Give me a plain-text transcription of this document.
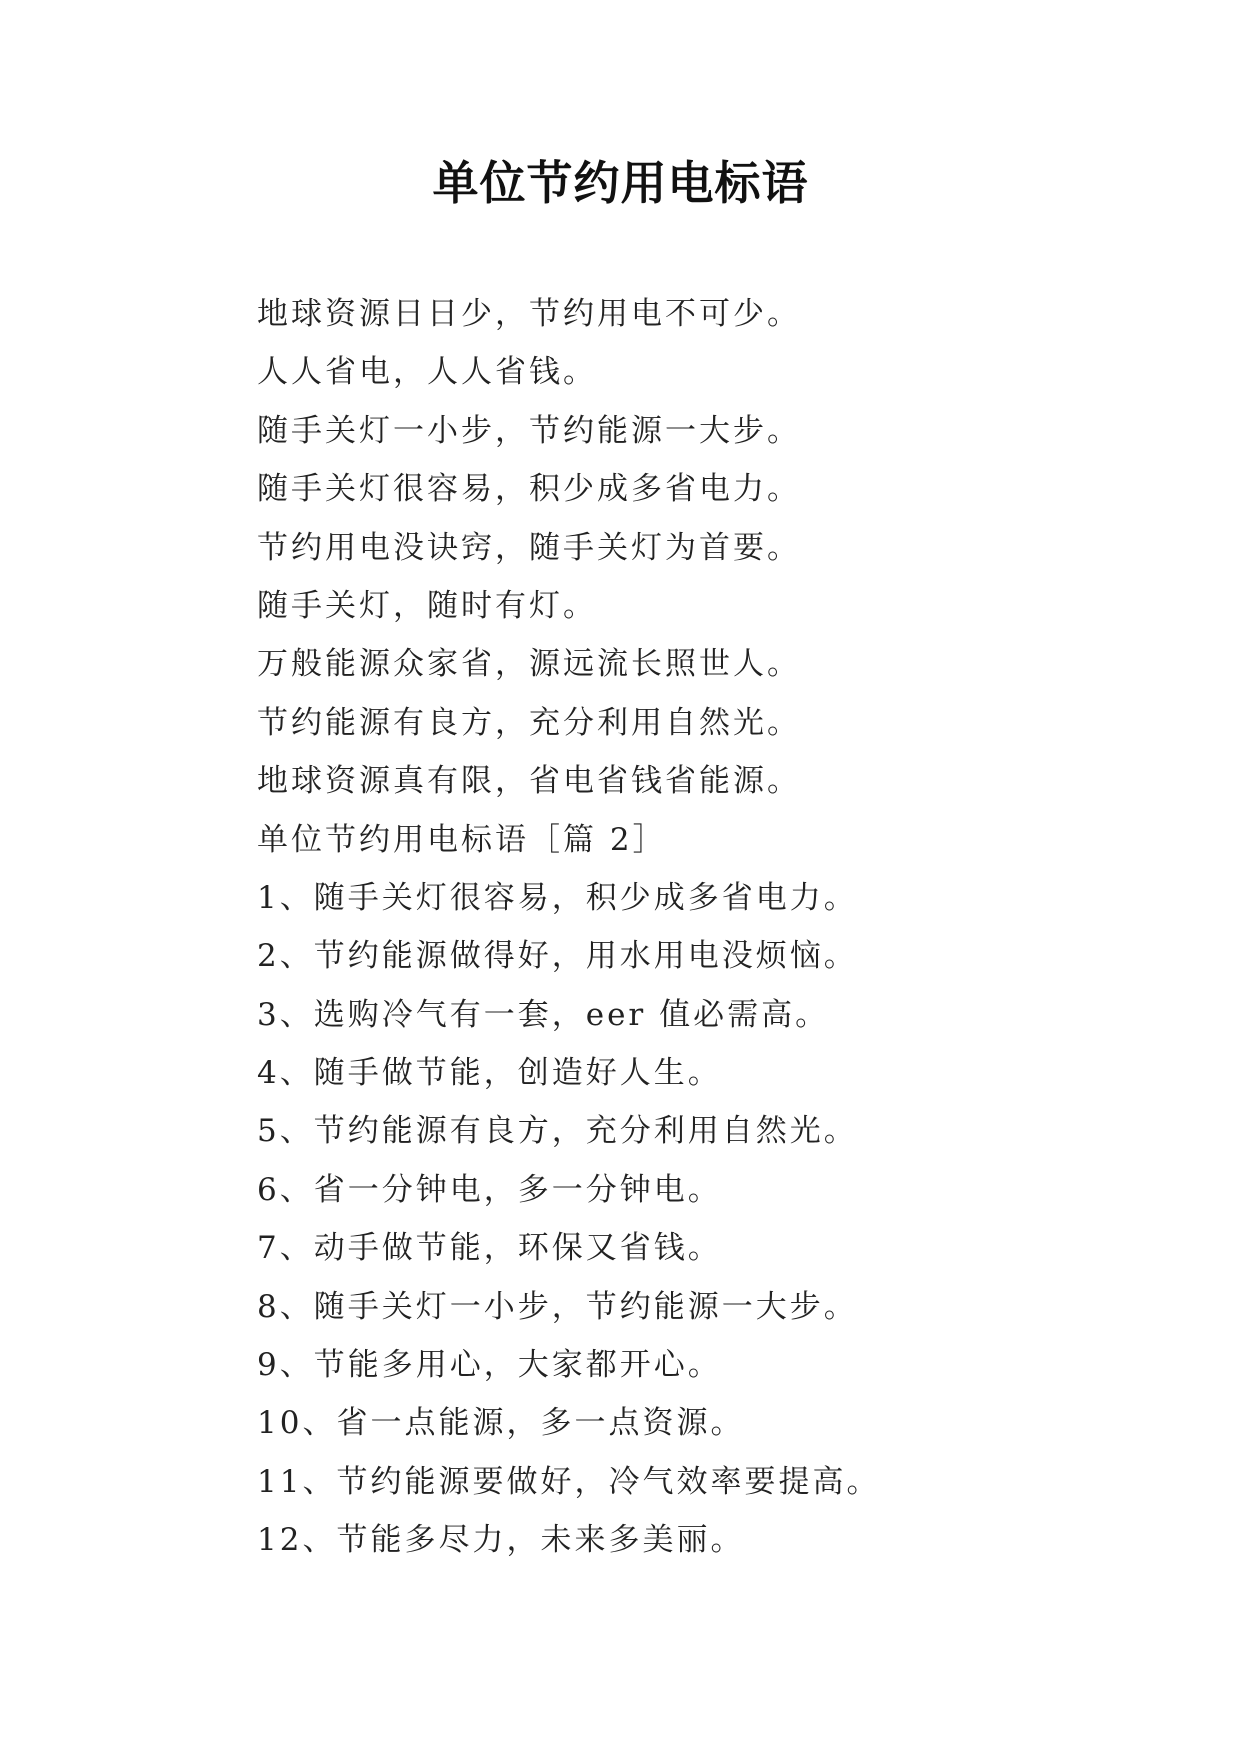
单位节约用电标语
地球资源日日少，节约用电不可少。
人人省电，人人省钱。
随手关灯一小步，节约能源一大步。
随手关灯很容易，积少成多省电力。
节约用电没诀窍，随手关灯为首要。
随手关灯，随时有灯。
万般能源众家省，源远流长照世人。
节约能源有良方，充分利用自然光。
地球资源真有限，省电省钱省能源。
单位节约用电标语［篇 2］
1、随手关灯很容易，积少成多省电力。
2、节约能源做得好，用水用电没烦恼。
3、选购冷气有一套，eer 值必需高。
4、随手做节能，创造好人生。
5、节约能源有良方，充分利用自然光。
6、省一分钟电，多一分钟电。
7、动手做节能，环保又省钱。
8、随手关灯一小步，节约能源一大步。
9、节能多用心，大家都开心。
10、省一点能源，多一点资源。
11、节约能源要做好，冷气效率要提高。
12、节能多尽力，未来多美丽。
